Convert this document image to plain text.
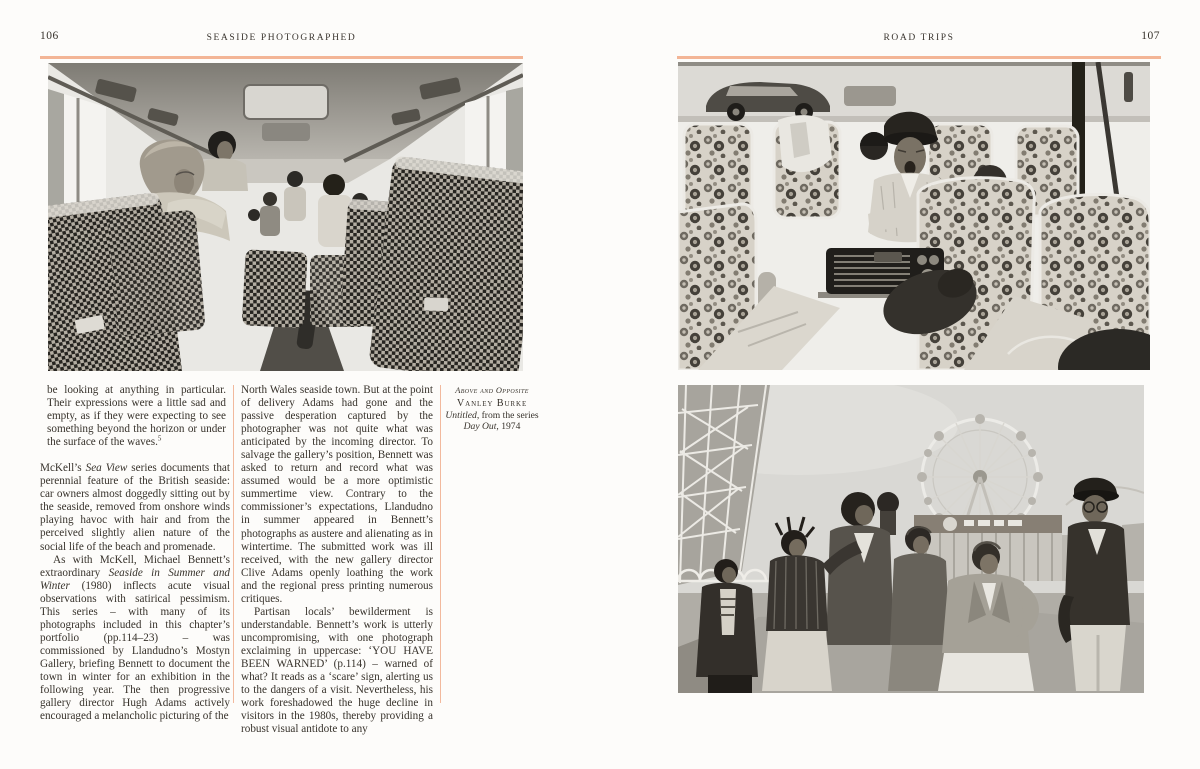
106	SEASIDE PHOTOGRAPHED

be looking at anything in particular. Their expressions were a little sad and empty, as if they were expecting to see something beyond the horizon or under the surface of the waves.$^5$

McKell’s Sea View series documents that perennial feature of the British seaside: car owners almost doggedly sitting out by the seaside, removed from onshore winds playing havoc with hair and from the perceived slightly alien nature of the social life of the beach and promenade.

As with McKell, Michael Bennett’s extraordinary Seaside in Summer and Winter (1980) inflects acute visual observations with satirical pessimism. This series – with many of its photographs included in this chapter’s portfolio (pp.114–23) – was commissioned by Llandudno’s Mostyn Gallery, briefing Bennett to document the town in winter for an exhibition in the following year. The then progressive gallery director Hugh Adams actively encouraged a melancholic picturing of the

North Wales seaside town. But at the point of delivery Adams had gone and the passive desperation captured by the photographer was not quite what was anticipated by the incoming director. To salvage the gallery’s position, Bennett was asked to return and record what was assumed would be a more optimistic summertime view. Contrary to the commissioner’s expectations, Llandudno in summer appeared in Bennett’s photographs as austere and alienating as in wintertime. The submitted work was ill received, with the new gallery director Clive Adams openly loathing the work and the regional press printing numerous critiques.

Partisan locals’ bewilderment is understandable. Bennett’s work is utterly uncompromising, with one photograph exclaiming in uppercase: ‘YOU HAVE BEEN WARNED’ (p.114) – warned of what? It reads as a ‘scare’ sign, alerting us to the dangers of a visit. Nevertheless, his work foreshadowed the huge decline in visitors in the 1980s, thereby providing a robust visual antidote to any

Above and Opposite
Vanley Burke
Untitled, from the series
Day Out, 1974
ROAD TRIPS	107
